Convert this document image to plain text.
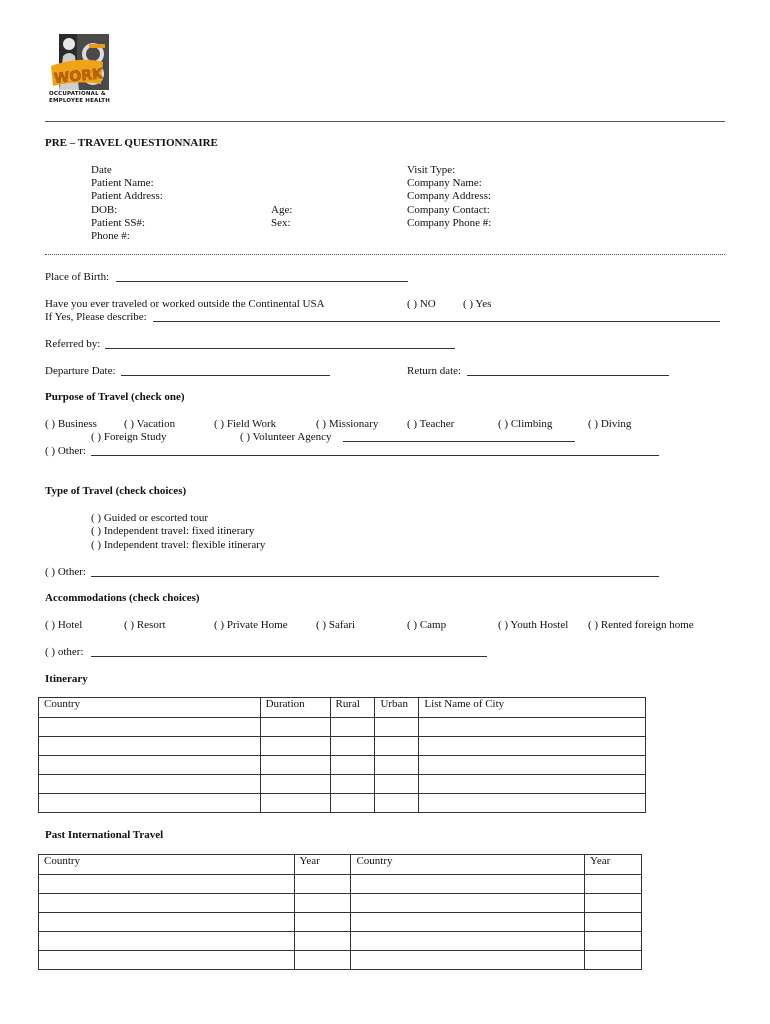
WORK
OCCUPATIONAL &
EMPLOYEE HEALTH
PRE – TRAVEL QUESTIONNAIRE
Date
Patient Name:
Patient Address:
DOB:
Patient SS#:
Phone #:
Age:
Sex:
Visit Type:
Company Name:
Company Address:
Company Contact:
Company Phone #:
Place of Birth:
Have you ever traveled or worked outside the Continental USA	( ) NO ( ) Yes
If Yes, Please describe:
Referred by:
Departure Date:	Return date:
Purpose of Travel (check one)
( ) Business ( ) Vacation	( ) Field Work	( ) Missionary	( ) Teacher	( ) Climbing	( ) Diving
( ) Foreign Study	( ) Volunteer Agency
( ) Other:
Type of Travel (check choices)
( ) Guided or escorted tour
( ) Independent travel: fixed itinerary
( ) Independent travel: flexible itinerary
( ) Other:
Accommodations (check choices)
( ) Hotel	( ) Resort	( ) Private Home	( ) Safari	( ) Camp	( ) Youth Hostel ( ) Rented foreign home
( ) other:
Itinerary
Country	Duration	Rural	Urban	List Name of City

Past International Travel
Country	Year	Country	Year
